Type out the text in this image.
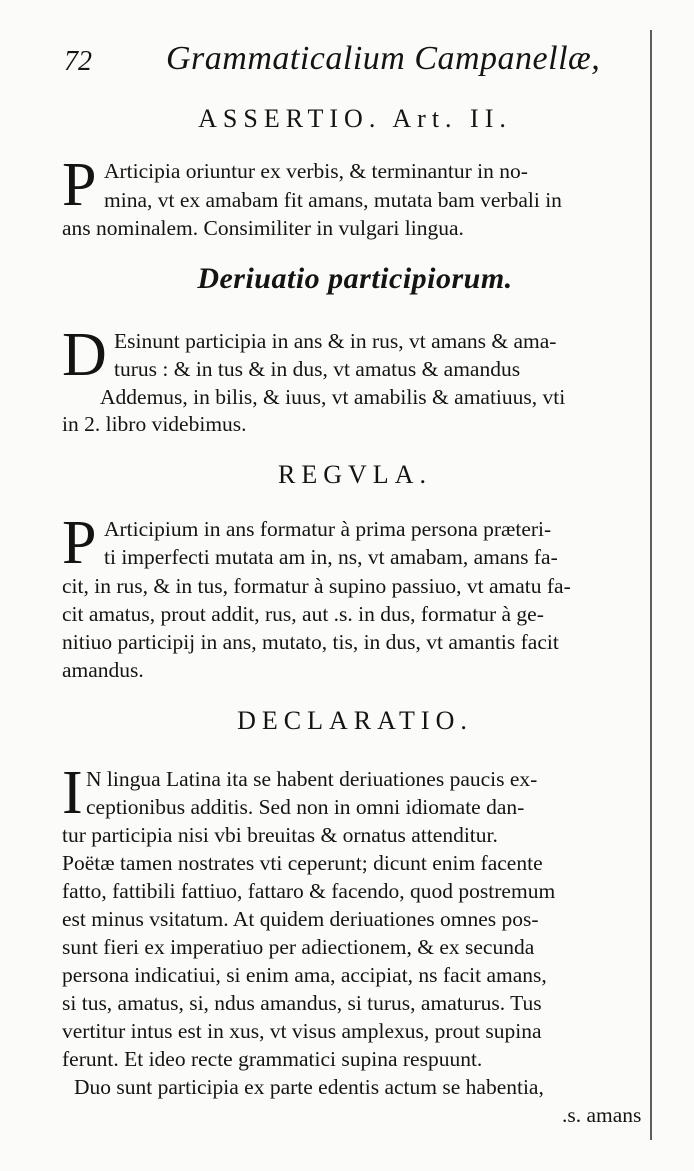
72 Grammaticalium Campanellæ,
ASSERTIO. Art. II.
P Articipia oriuntur ex verbis, & terminantur in no-
mina, vt ex amabam fit amans, mutata bam verbali in
ans nominalem. Consimiliter in vulgari lingua.
Deriuatio participiorum.
D Esinunt participia in ans & in rus, vt amans & ama-
turus : & in tus & in dus, vt amatus & amandus
Addemus, in bilis, & iuus, vt amabilis & amatiuus, vti
in 2. libro videbimus.
REGVLA.
P Articipium in ans formatur à prima persona præteri-
ti imperfecti mutata am in, ns, vt amabam, amans fa-
cit, in rus, & in tus, formatur à supino passiuo, vt amatu fa-
cit amatus, prout addit, rus, aut .s. in dus, formatur à ge-
nitiuo participij in ans, mutato, tis, in dus, vt amantis facit
amandus.
DECLARATIO.
I N lingua Latina ita se habent deriuationes paucis ex-
ceptionibus additis. Sed non in omni idiomate dan-
tur participia nisi vbi breuitas & ornatus attenditur.
Poëtæ tamen nostrates vti ceperunt; dicunt enim facente
fatto, fattibili fattiuo, fattaro & facendo, quod postremum
est minus vsitatum. At quidem deriuationes omnes pos-
sunt fieri ex imperatiuo per adiectionem, & ex secunda
persona indicatiui, si enim ama, accipiat, ns facit amans,
si tus, amatus, si, ndus amandus, si turus, amaturus. Tus
vertitur intus est in xus, vt visus amplexus, prout supina
ferunt. Et ideo recte grammatici supina respuunt.
Duo sunt participia ex parte edentis actum se habentia,
.s. amans
